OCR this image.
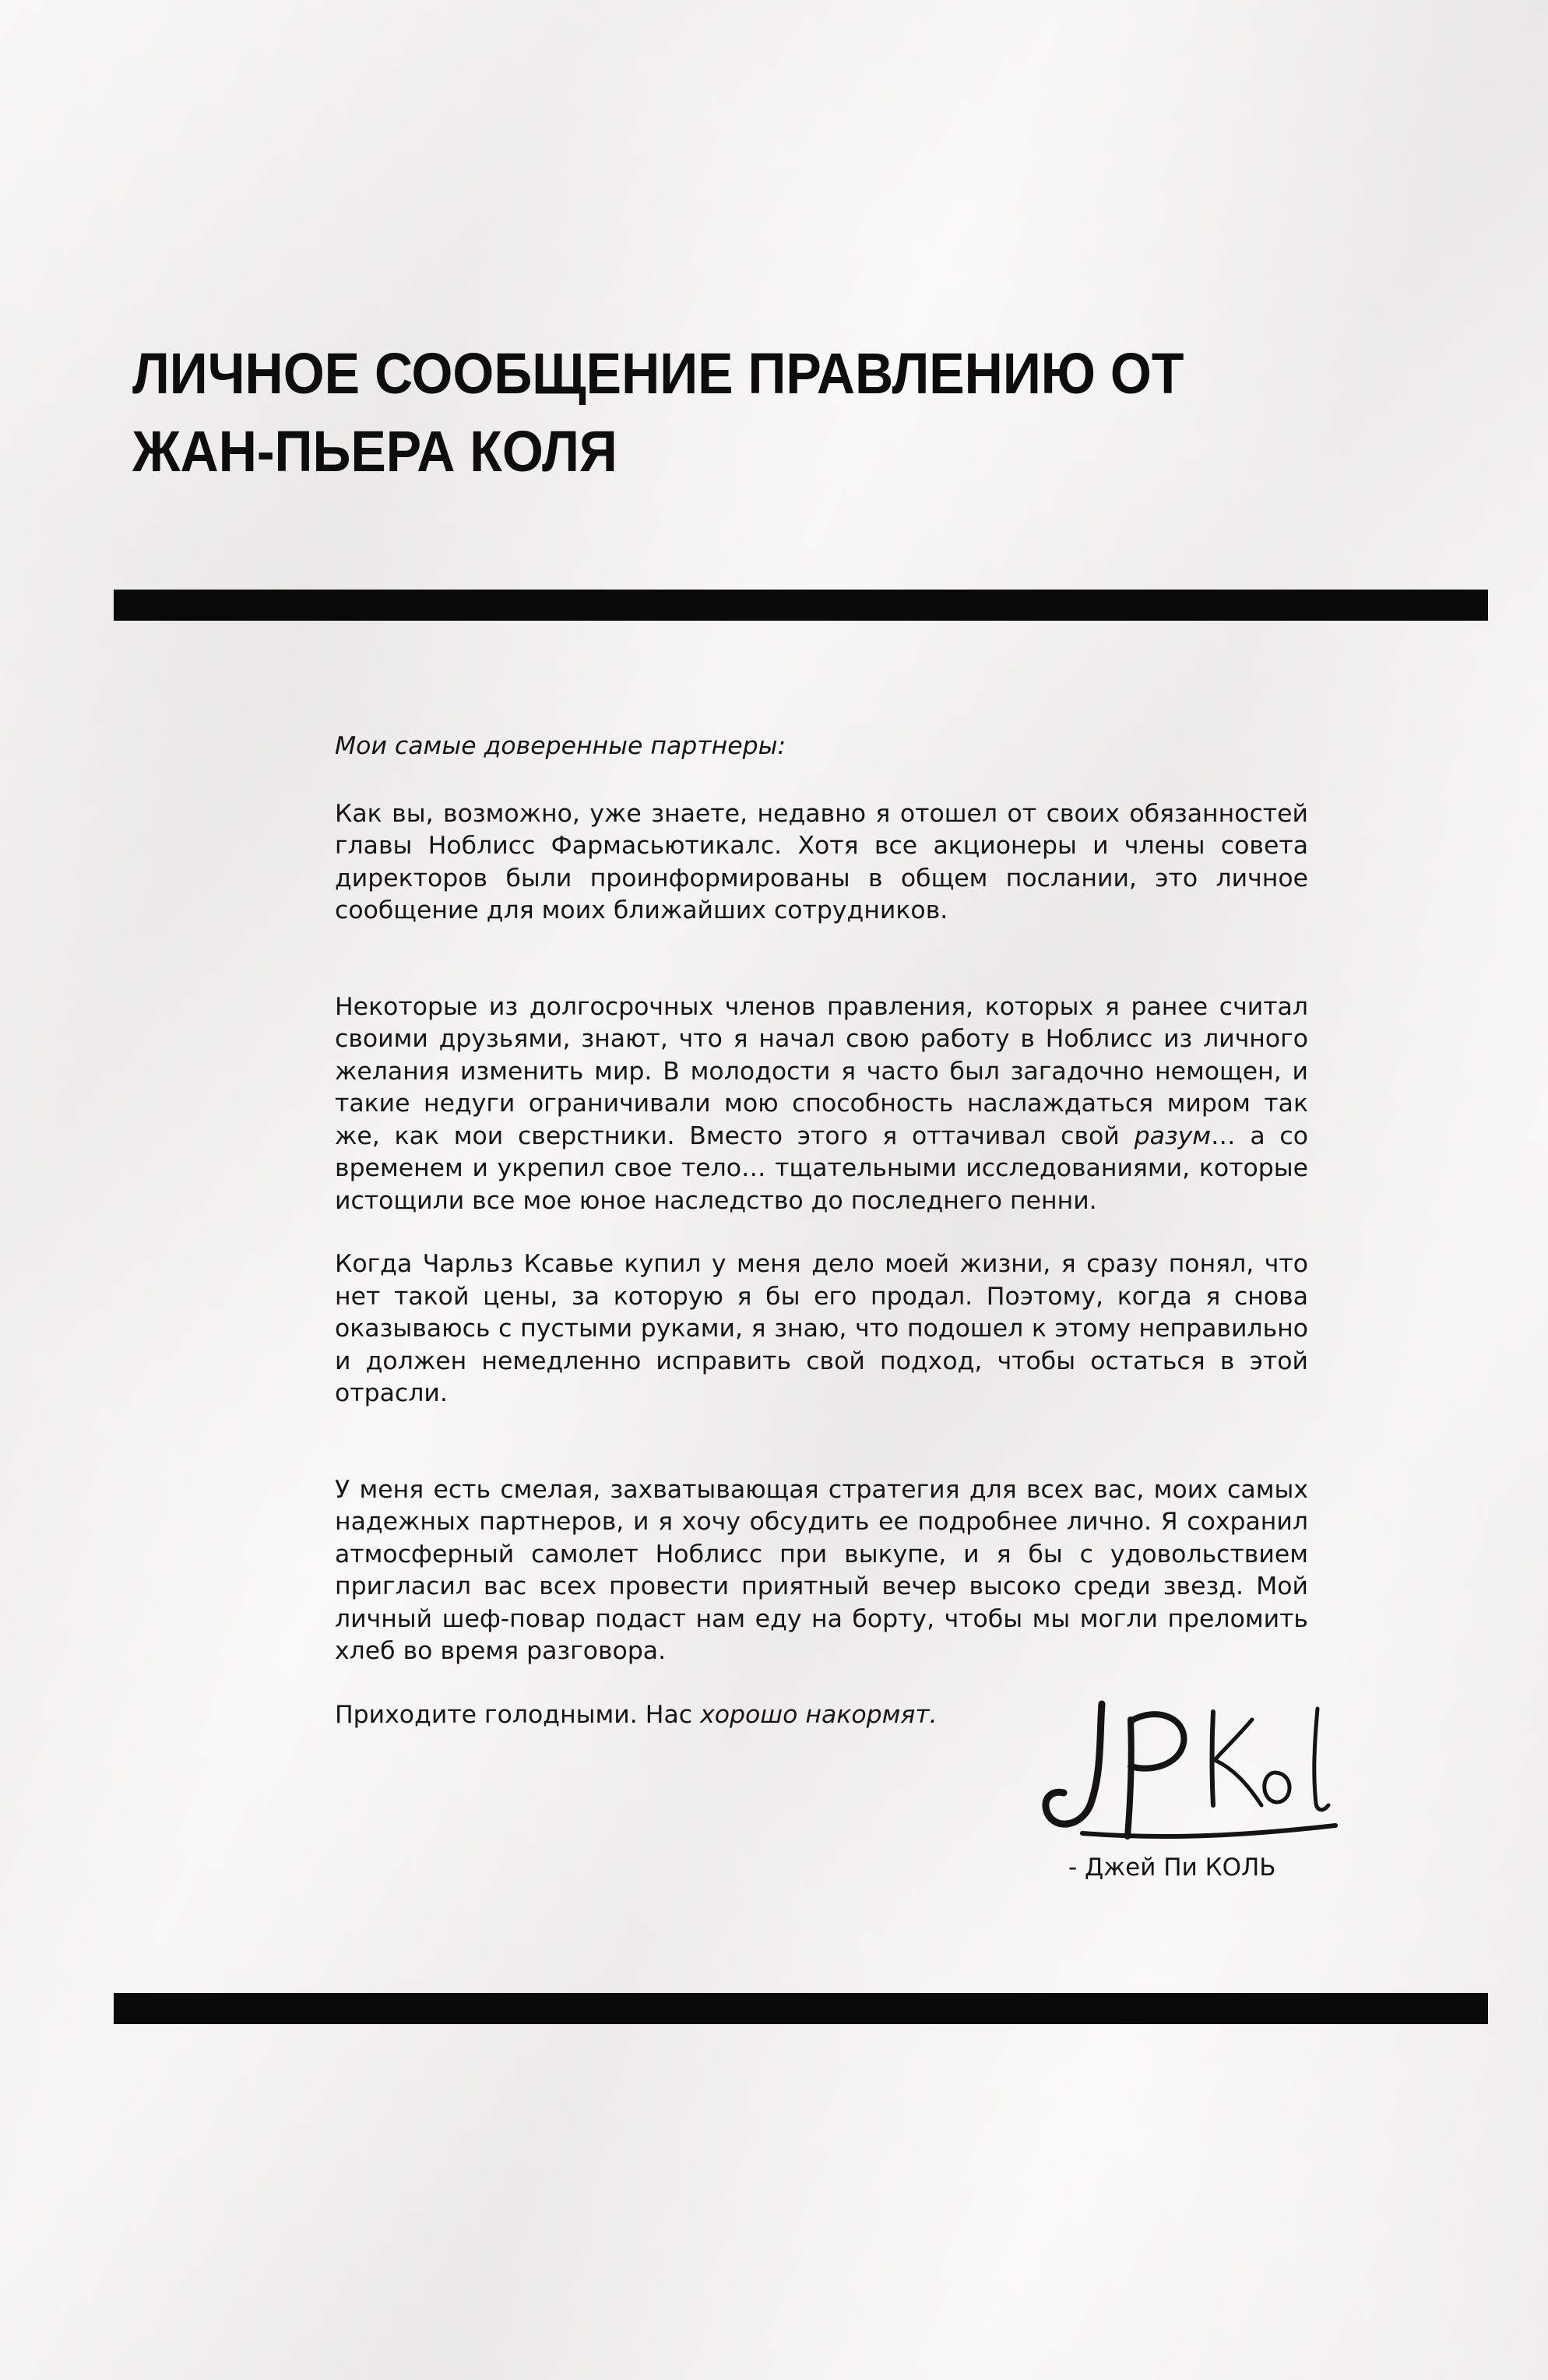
ЛИЧНОЕ СООБЩЕНИЕ ПРАВЛЕНИЮ ОТ
ЖАН-ПЬЕРА КОЛЯ

Мои самые доверенные партнеры:

Как вы, возможно, уже знаете, недавно я отошел от своих обязанностей главы Ноблисс Фармасьютикалс. Хотя все акционеры и члены совета директоров были проинформированы в общем послании, это личное сообщение для моих ближайших сотрудников.

Некоторые из долгосрочных членов правления, которых я ранее считал своими друзьями, знают, что я начал свою работу в Ноблисс из личного желания изменить мир. В молодости я часто был загадочно немощен, и такие недуги ограничивали мою способность наслаждаться миром так же, как мои сверстники. Вместо этого я оттачивал свой разум… а со временем и укрепил свое тело… тщательными исследованиями, которые истощили все мое юное наследство до последнего пенни.

Когда Чарльз Ксавье купил у меня дело моей жизни, я сразу понял, что нет такой цены, за которую я бы его продал. Поэтому, когда я снова оказываюсь с пустыми руками, я знаю, что подошел к этому неправильно и должен немедленно исправить свой подход, чтобы остаться в этой отрасли.

У меня есть смелая, захватывающая стратегия для всех вас, моих самых надежных партнеров, и я хочу обсудить ее подробнее лично. Я сохранил атмосферный самолет Ноблисс при выкупе, и я бы с удовольствием пригласил вас всех провести приятный вечер высоко среди звезд. Мой личный шеф-повар подаст нам еду на борту, чтобы мы могли преломить хлеб во время разговора.

Приходите голодными. Нас хорошо накормят.

- Джей Пи КОЛЬ
